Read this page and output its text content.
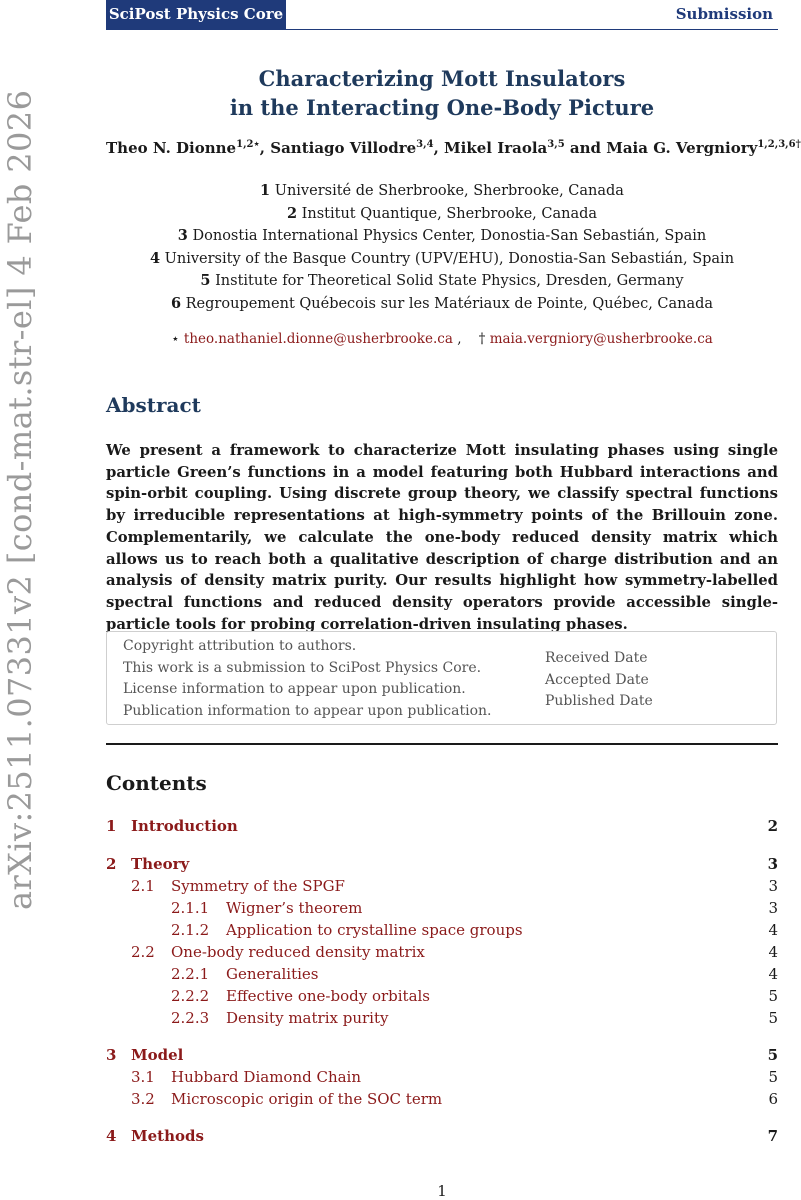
SciPost Physics Core	Submission
arXiv:2511.07331v2 [cond-mat.str-el] 4 Feb 2026
Characterizing Mott Insulators
in the Interacting One-Body Picture
Theo N. Dionne$^{1,2⋆}$, Santiago Villodre$^{3,4}$, Mikel Iraola$^{3,5}$ and Maia G. Vergniory$^{1,2,3,6\dagger}$
1 Université de Sherbrooke, Sherbrooke, Canada
2 Institut Quantique, Sherbrooke, Canada
3 Donostia International Physics Center, Donostia-San Sebastián, Spain
4 University of the Basque Country (UPV/EHU), Donostia-San Sebastián, Spain
5 Institute for Theoretical Solid State Physics, Dresden, Germany
6 Regroupement Québecois sur les Matériaux de Pointe, Québec, Canada
⋆ theo.nathaniel.dionne@usherbrooke.ca , † maia.vergniory@usherbrooke.ca
Abstract
We present a framework to characterize Mott insulating phases using single particle Green’s functions in a model featuring both Hubbard interactions and spin-orbit coupling. Using discrete group theory, we classify spectral functions by irreducible representations at high-symmetry points of the Brillouin zone. Complementarily, we calculate the one-body reduced density matrix which allows us to reach both a qualitative description of charge distribution and an analysis of density matrix purity. Our results highlight how symmetry-labelled spectral functions and reduced density operators provide accessible single-particle tools for probing correlation-driven insulating phases.
Copyright attribution to authors.
This work is a submission to SciPost Physics Core.
License information to appear upon publication.
Publication information to appear upon publication.
Received Date
Accepted Date
Published Date
Contents
1 Introduction	2
2 Theory	3
2.1 Symmetry of the SPGF	3
2.1.1 Wigner’s theorem	3
2.1.2 Application to crystalline space groups	4
2.2 One-body reduced density matrix	4
2.2.1 Generalities	4
2.2.2 Effective one-body orbitals	5
2.2.3 Density matrix purity	5
3 Model	5
3.1 Hubbard Diamond Chain	5
3.2 Microscopic origin of the SOC term	6
4 Methods	7
1
